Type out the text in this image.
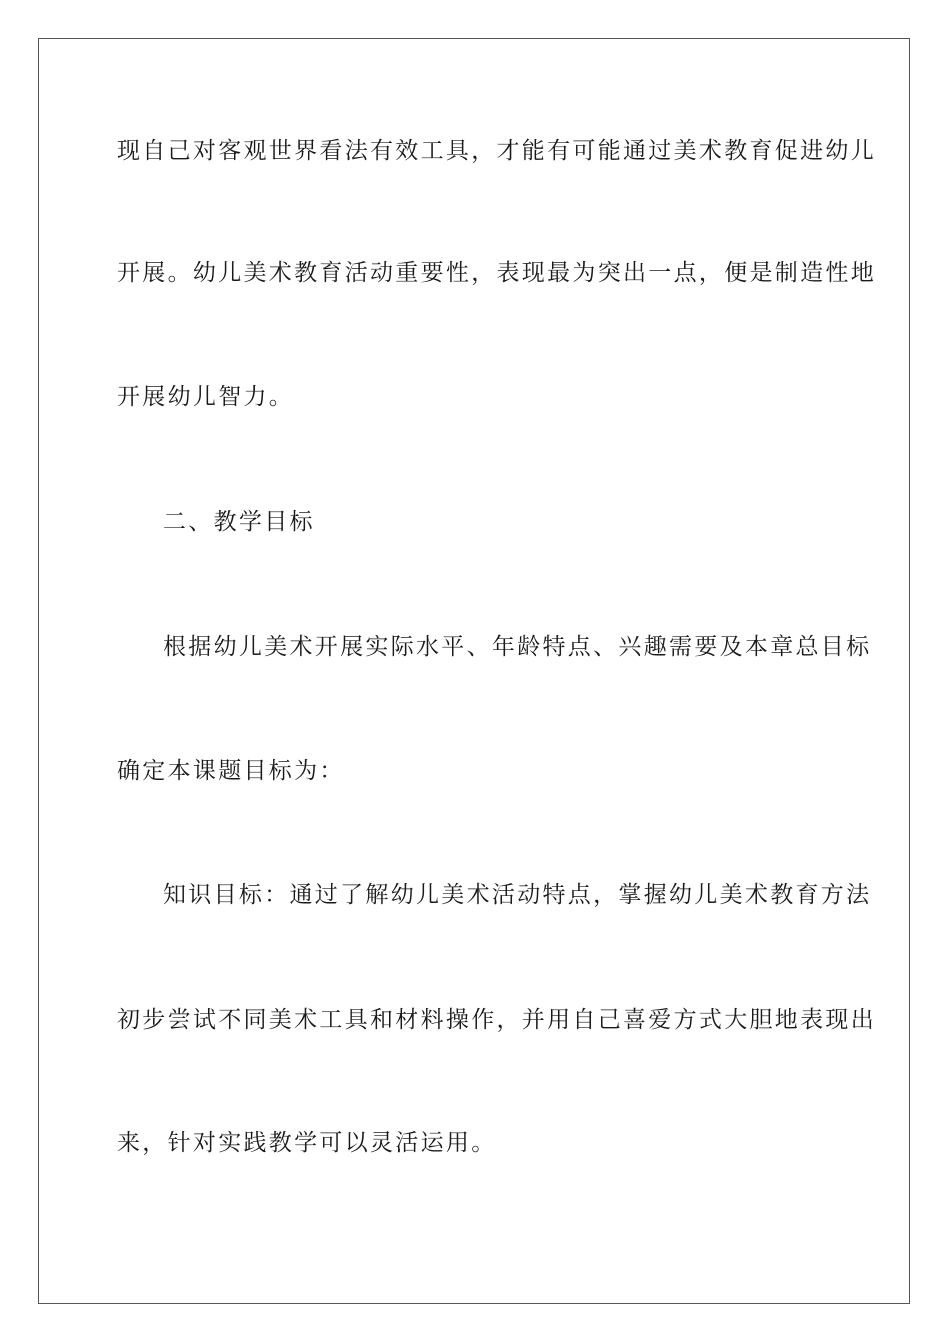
现自己对客观世界看法有效工具，才能有可能通过美术教育促进幼儿
开展。幼儿美术教育活动重要性，表现最为突出一点，便是制造性地
开展幼儿智力。
二、教学目标
根据幼儿美术开展实际水平、年龄特点、兴趣需要及本章总目标
确定本课题目标为：
知识目标：通过了解幼儿美术活动特点，掌握幼儿美术教育方法
初步尝试不同美术工具和材料操作，并用自己喜爱方式大胆地表现出
来，针对实践教学可以灵活运用。
